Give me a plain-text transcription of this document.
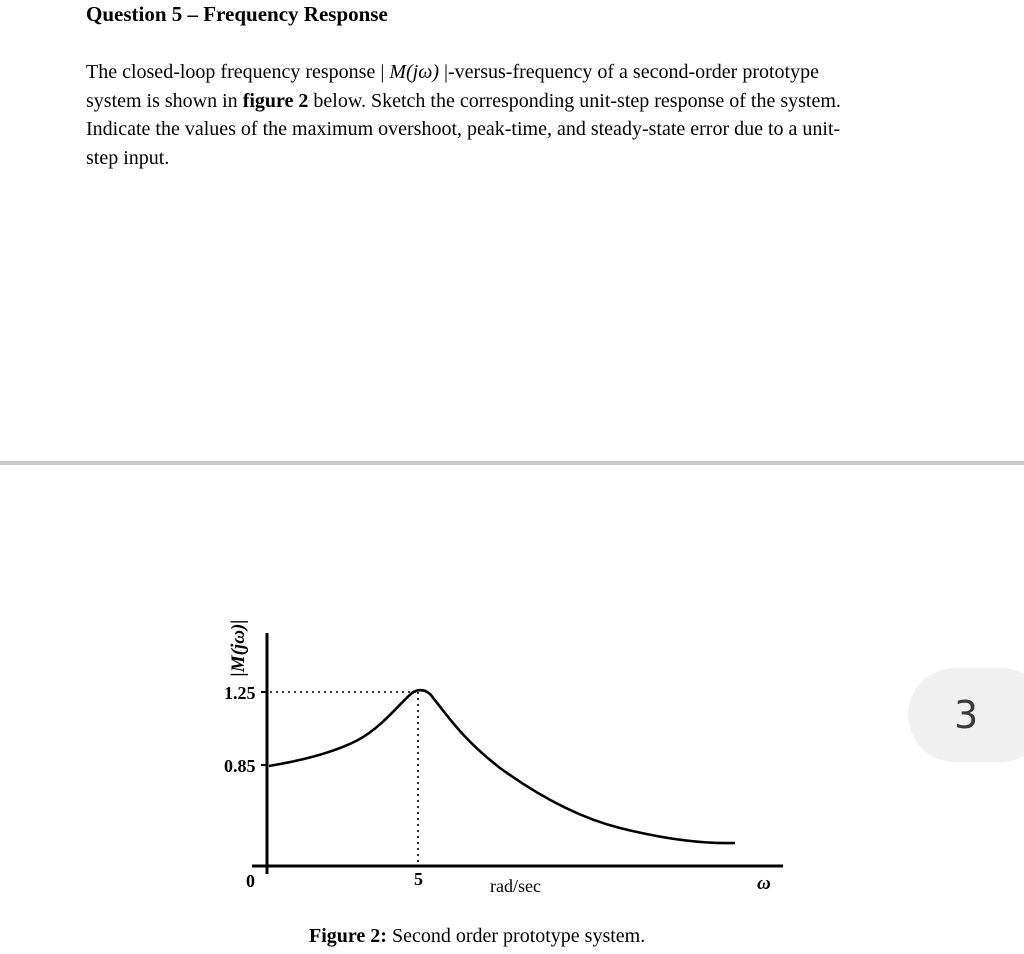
Question 5 – Frequency Response
The closed-loop frequency response | M(jω) |-versus-frequency of a second-order prototype
system is shown in figure 2 below. Sketch the corresponding unit-step response of the system.
Indicate the values of the maximum overshoot, peak-time, and steady-state error due to a unit-
step input.
3
|M(jω)|
1.25
0.85
0	5	rad/sec	ω
Figure 2: Second order prototype system.
